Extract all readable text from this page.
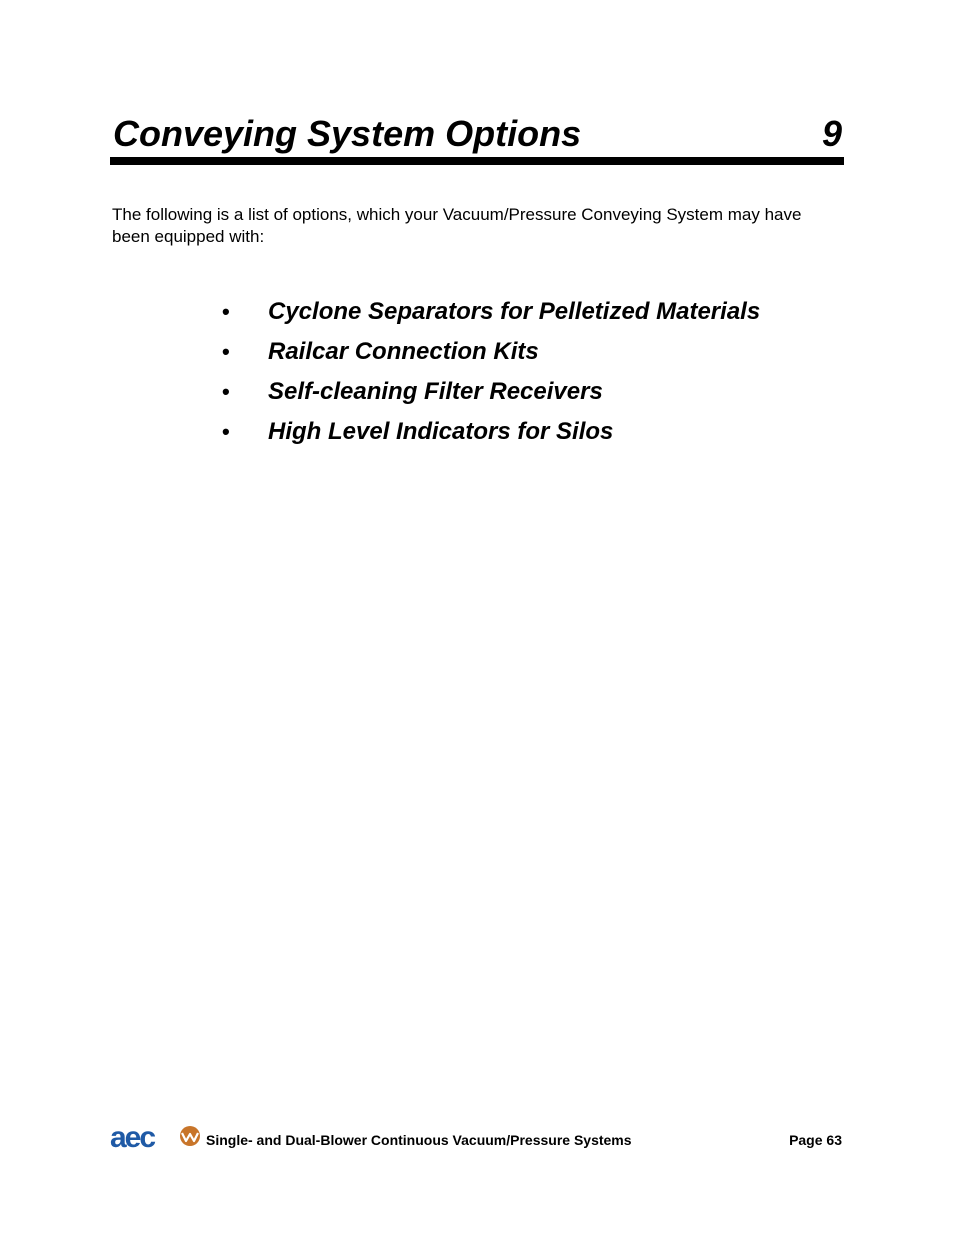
Conveying System Options	9

The following is a list of options, which your Vacuum/Pressure Conveying System may have been equipped with:

•	Cyclone Separators for Pelletized Materials
•	Railcar Connection Kits
•	Self-cleaning Filter Receivers
•	High Level Indicators for Silos
aec	Single- and Dual-Blower Continuous Vacuum/Pressure Systems	Page 63
